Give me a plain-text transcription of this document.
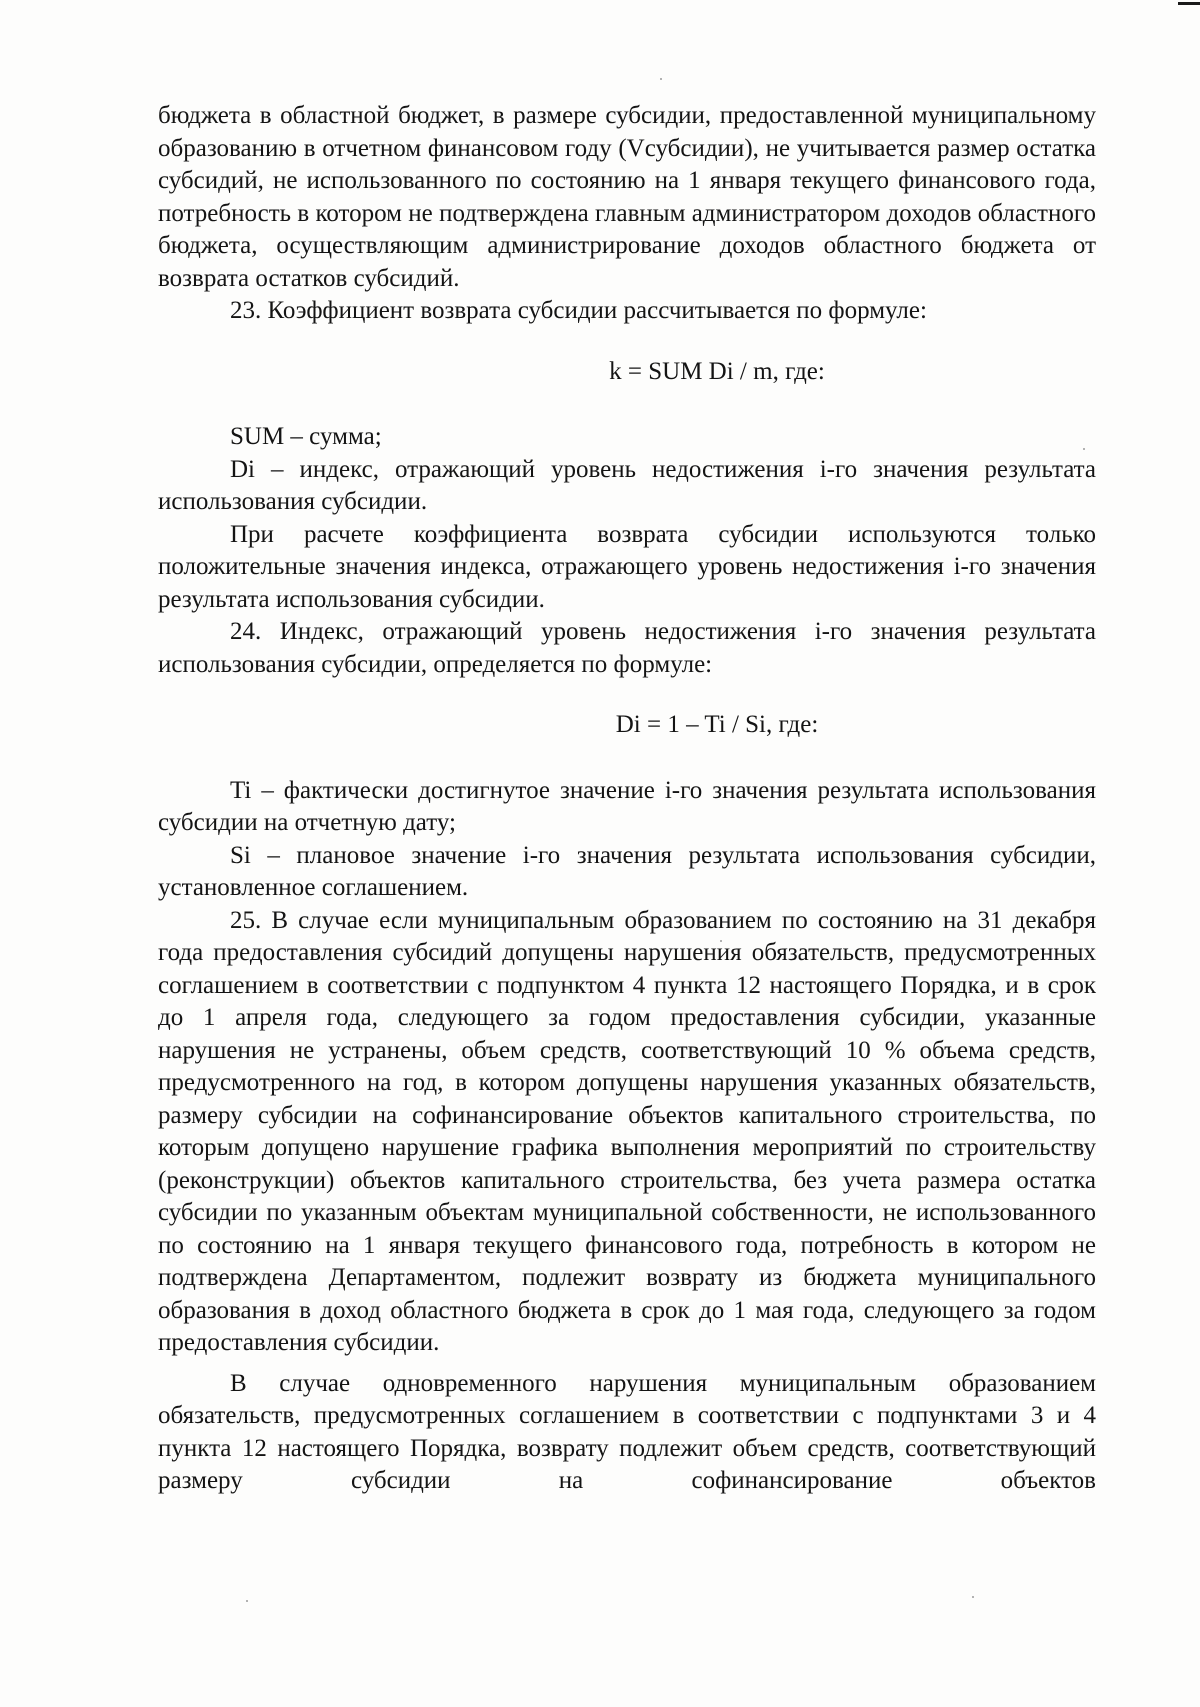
бюджета в областной бюджет, в размере субсидии, предоставленной муниципальному образованию в отчетном финансовом году (Vсубсидии), не учитывается размер остатка субсидий, не использованного по состоянию на 1 января текущего финансового года, потребность в котором не подтверждена главным администратором доходов областного бюджета, осуществляющим администрирование доходов областного бюджета от возврата остатков субсидий.

23. Коэффициент возврата субсидии рассчитывается по формуле:

k = SUM Di / m, где:

SUM – сумма;

Di – индекс, отражающий уровень недостижения i-го значения результата использования субсидии.

При расчете коэффициента возврата субсидии используются только положительные значения индекса, отражающего уровень недостижения i-го значения результата использования субсидии.

24. Индекс, отражающий уровень недостижения i-го значения результата использования субсидии, определяется по формуле:

Di = 1 – Ti / Si, где:

Ti – фактически достигнутое значение i-го значения результата использования субсидии на отчетную дату;

Si – плановое значение i-го значения результата использования субсидии, установленное соглашением.

25. В случае если муниципальным образованием по состоянию на 31 декабря года предоставления субсидий допущены нарушения обязательств, предусмотренных соглашением в соответствии с подпунктом 4 пункта 12 настоящего Порядка, и в срок до 1 апреля года, следующего за годом предоставления субсидии, указанные нарушения не устранены, объем средств, соответствующий 10 % объема средств, предусмотренного на год, в котором допущены нарушения указанных обязательств, размеру субсидии на софинансирование объектов капитального строительства, по которым допущено нарушение графика выполнения мероприятий по строительству (реконструкции) объектов капитального строительства, без учета размера остатка субсидии по указанным объектам муниципальной собственности, не использованного по состоянию на 1 января текущего финансового года, потребность в котором не подтверждена Департаментом, подлежит возврату из бюджета муниципального образования в доход областного бюджета в срок до 1 мая года, следующего за годом предоставления субсидии.

В случае одновременного нарушения муниципальным образованием обязательств, предусмотренных соглашением в соответствии с подпунктами 3 и 4 пункта 12 настоящего Порядка, возврату подлежит объем средств, соответствующий размеру субсидии на софинансирование объектов
